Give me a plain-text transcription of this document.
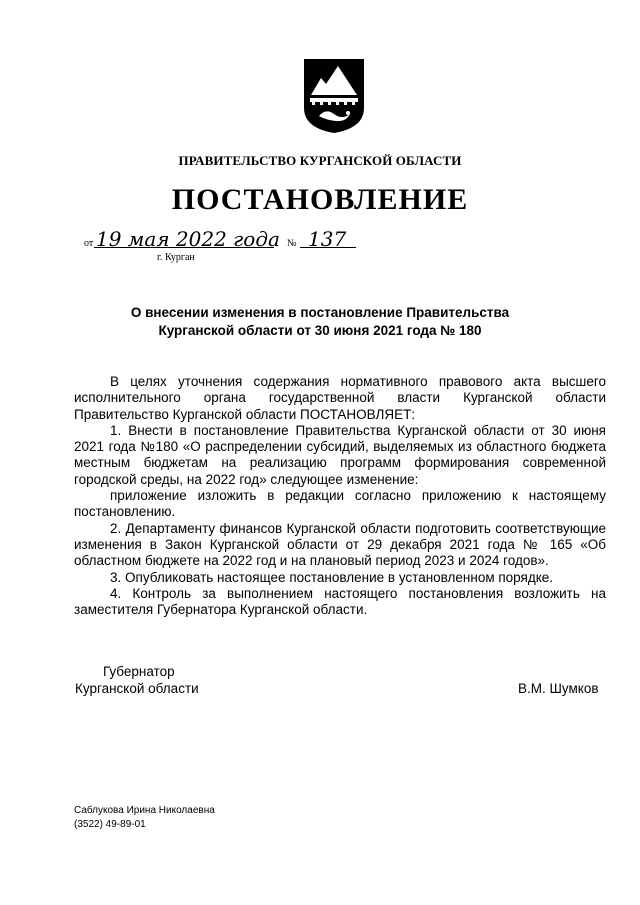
ПРАВИТЕЛЬСТВО КУРГАНСКОЙ ОБЛАСТИ
ПОСТАНОВЛЕНИЕ
от 19 мая 2022 года № 137
г. Курган
О внесении изменения в постановление Правительства
Курганской области от 30 июня 2021 года № 180

В целях уточнения содержания нормативного правового акта высшего исполнительного органа государственной власти Курганской области Правительство Курганской области ПОСТАНОВЛЯЕТ:

1. Внести в постановление Правительства Курганской области от 30 июня 2021 года №180 «О распределении субсидий, выделяемых из областного бюджета местным бюджетам на реализацию программ формирования современной городской среды, на 2022 год» следующее изменение:

приложение изложить в редакции согласно приложению к настоящему постановлению.

2. Департаменту финансов Курганской области подготовить соответствующие изменения в Закон Курганской области от 29 декабря 2021 года № 165 «Об областном бюджете на 2022 год и на плановый период 2023 и 2024 годов».

3. Опубликовать настоящее постановление в установленном порядке.

4. Контроль за выполнением настоящего постановления возложить на заместителя Губернатора Курганской области.

Губернатор
Курганской области	В.М. Шумков
Саблукова Ирина Николаевна
(3522) 49-89-01
